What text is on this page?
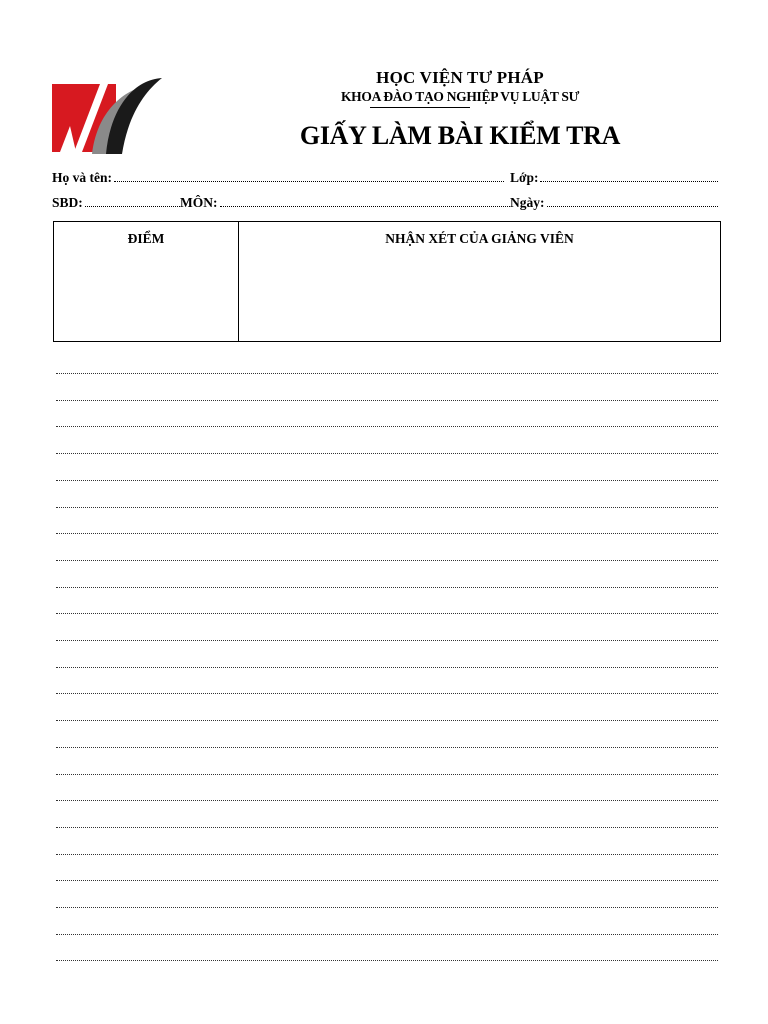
HỌC VIỆN TƯ PHÁP
KHOA ĐÀO TẠO NGHIỆP VỤ LUẬT SƯ
GIẤY LÀM BÀI KIỂM TRA
Họ và tên:	Lớp:
SBD:	MÔN:	Ngày:
ĐIỂM	NHẬN XÉT CỦA GIẢNG VIÊN
